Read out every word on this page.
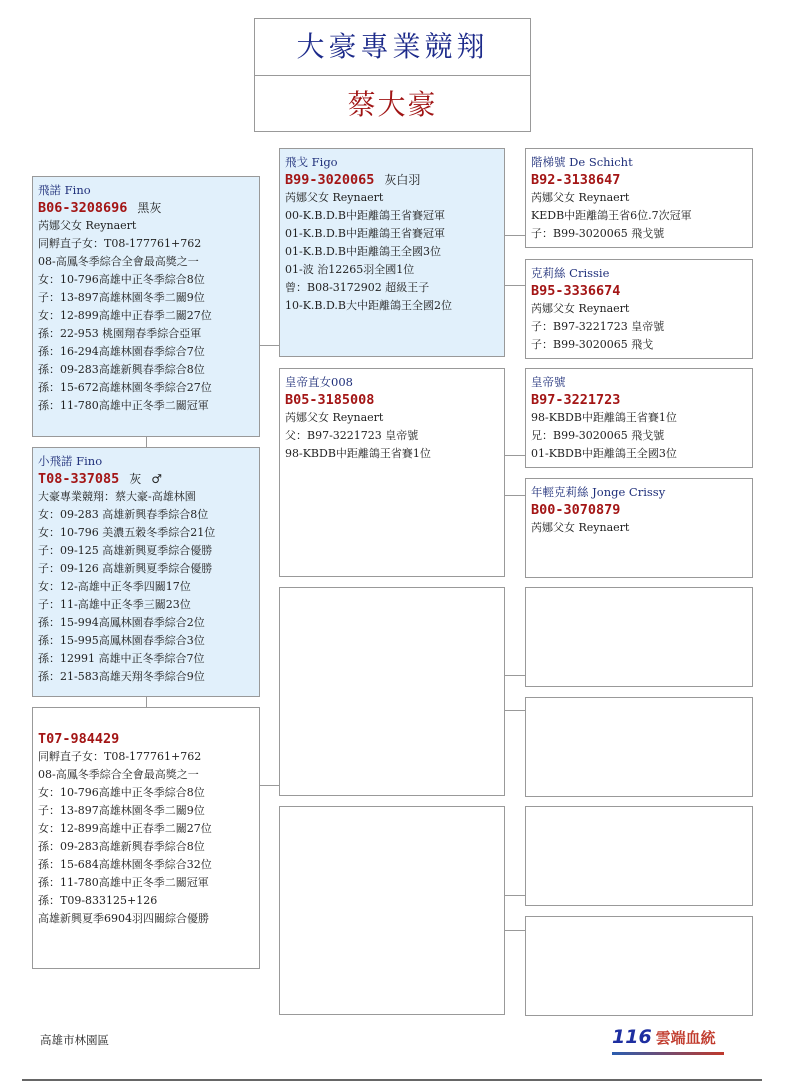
大豪專業競翔
蔡大豪
飛諾 Fino
B06-3208696 黑灰
芮娜父女 Reynaert
同孵直子女：T08-177761+762
08-高鳳冬季綜合全會最高獎之一
女：10-796高雄中正冬季綜合8位
子：13-897高雄林園冬季二關9位
女：12-899高雄中正春季二關27位
孫：22-953 桃園翔春季綜合亞軍
孫：16-294高雄林園春季綜合7位
孫：09-283高雄新興春季綜合8位
孫：15-672高雄林園冬季綜合27位
孫：11-780高雄中正冬季二關冠軍
小飛諾 Fino
T08-337085 灰 ♂
大豪專業競翔：蔡大豪-高雄林園
女：09-283 高雄新興春季綜合8位
女：10-796 美濃五穀冬季綜合21位
子：09-125 高雄新興夏季綜合優勝
子：09-126 高雄新興夏季綜合優勝
女：12-高雄中正冬季四關17位
子：11-高雄中正冬季三關23位
孫：15-994高鳳林園春季綜合2位
孫：15-995高鳳林園春季綜合3位
孫：12991 高雄中正冬季綜合7位
孫：21-583高雄天翔冬季綜合9位
T07-984429
同孵直子女：T08-177761+762
08-高鳳冬季綜合全會最高獎之一
女：10-796高雄中正冬季綜合8位
子：13-897高雄林園冬季二關9位
女：12-899高雄中正春季二關27位
孫：09-283高雄新興春季綜合8位
孫：15-684高雄林園冬季綜合32位
孫：11-780高雄中正冬季二關冠軍
孫：T09-833125+126
高雄新興夏季6904羽四關綜合優勝
飛戈 Figo
B99-3020065 灰白羽
芮娜父女 Reynaert
00-K.B.D.B中距離鴿王省賽冠軍
01-K.B.D.B中距離鴿王省賽冠軍
01-K.B.D.B中距離鴿王全國3位
01-波 治12265羽全國1位
曾：B08-3172902 超級王子
10-K.B.D.B大中距離鴿王全國2位
皇帝直女008
B05-3185008
芮娜父女 Reynaert
父：B97-3221723 皇帝號
98-KBDB中距離鴿王省賽1位
階梯號 De Schicht
B92-3138647
芮娜父女 Reynaert
KEDB中距離鴿王省6位.7次冠軍
子：B99-3020065 飛戈號
克莉絲 Crissie
B95-3336674
芮娜父女 Reynaert
子：B97-3221723 皇帝號
子：B99-3020065 飛戈
皇帝號
B97-3221723
98-KBDB中距離鴿王省賽1位
兄：B99-3020065 飛戈號
01-KBDB中距離鴿王全國3位
年輕克莉絲 Jonge Crissy
B00-3070879
芮娜父女 Reynaert
高雄市林園區	116 雲端血統
